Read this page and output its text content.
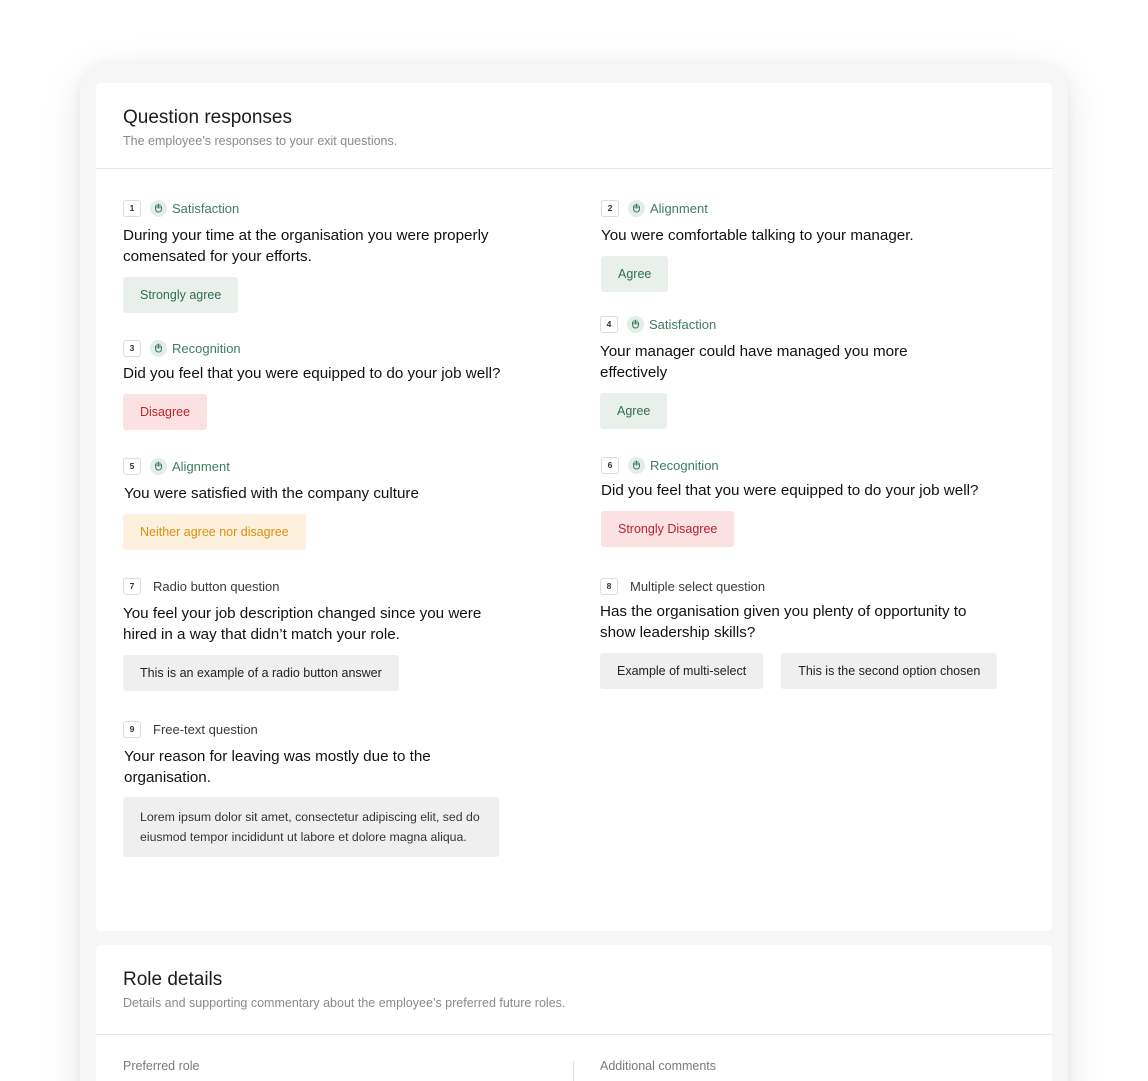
Question responses
The employee’s responses to your exit questions.
1	Satisfaction
During your time at the organisation you were properly comensated for your efforts.
Strongly agree
2	Alignment
You were comfortable talking to your manager.
Agree
3	Recognition
Did you feel that you were equipped to do your job well?
Disagree
4	Satisfaction
Your manager could have managed you more effectively
Agree
5	Alignment
You were satisfied with the company culture
Neither agree nor disagree
6	Recognition
Did you feel that you were equipped to do your job well?
Strongly Disagree
7	Radio button question
You feel your job description changed since you were hired in a way that didn’t match your role.
This is an example of a radio button answer
8	Multiple select question
Has the organisation given you plenty of opportunity to show leadership skills?
Example of multi-select	This is the second option chosen
9	Free-text question
Your reason for leaving was mostly due to the organisation.
Lorem ipsum dolor sit amet, consectetur adipiscing elit, sed do eiusmod tempor incididunt ut labore et dolore magna aliqua.
Role details
Details and supporting commentary about the employee’s preferred future roles.
Preferred role	Additional comments
